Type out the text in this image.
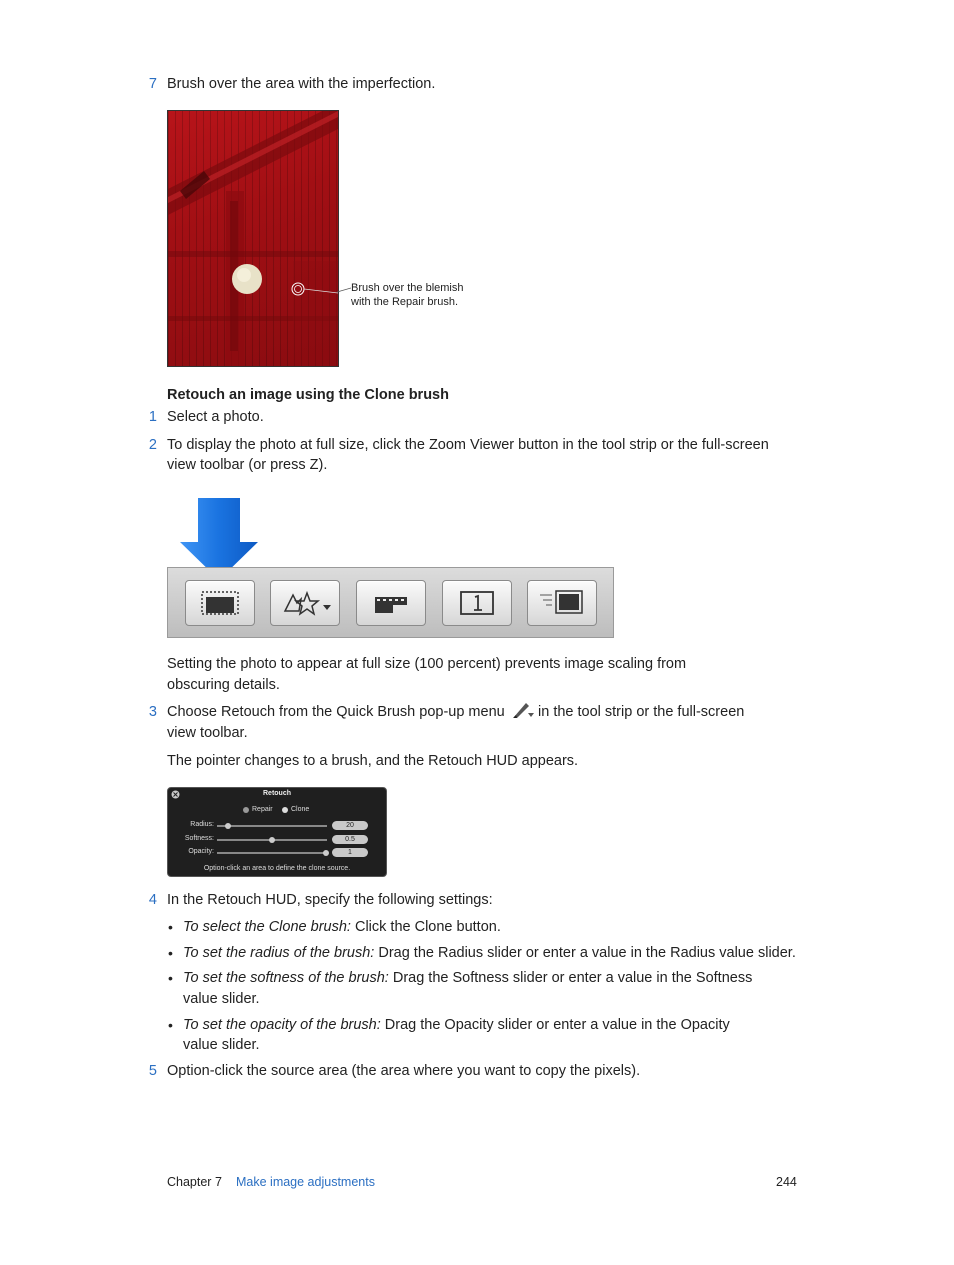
7 Brush over the area with the imperfection.
Brush over the blemish
with the Repair brush.
Retouch an image using the Clone brush
1 Select a photo.
2 To display the photo at full size, click the Zoom Viewer button in the tool strip or the full-screen
view toolbar (or press Z).
Setting the photo to appear at full size (100 percent) prevents image scaling from
obscuring details.
3 Choose Retouch from the Quick Brush pop-up menu in the tool strip or the full-screen
view toolbar.
The pointer changes to a brush, and the Retouch HUD appears.
Retouch
Repair	Clone
Radius:	20
Softness:	0.5
Opacity:	1
Option-click an area to define the clone source.
4 In the Retouch HUD, specify the following settings:
• To select the Clone brush: Click the Clone button.
• To set the radius of the brush: Drag the Radius slider or enter a value in the Radius value slider.
• To set the softness of the brush: Drag the Softness slider or enter a value in the Softness
value slider.
• To set the opacity of the brush: Drag the Opacity slider or enter a value in the Opacity
value slider.
5 Option-click the source area (the area where you want to copy the pixels).
Chapter 7 Make image adjustments	244
